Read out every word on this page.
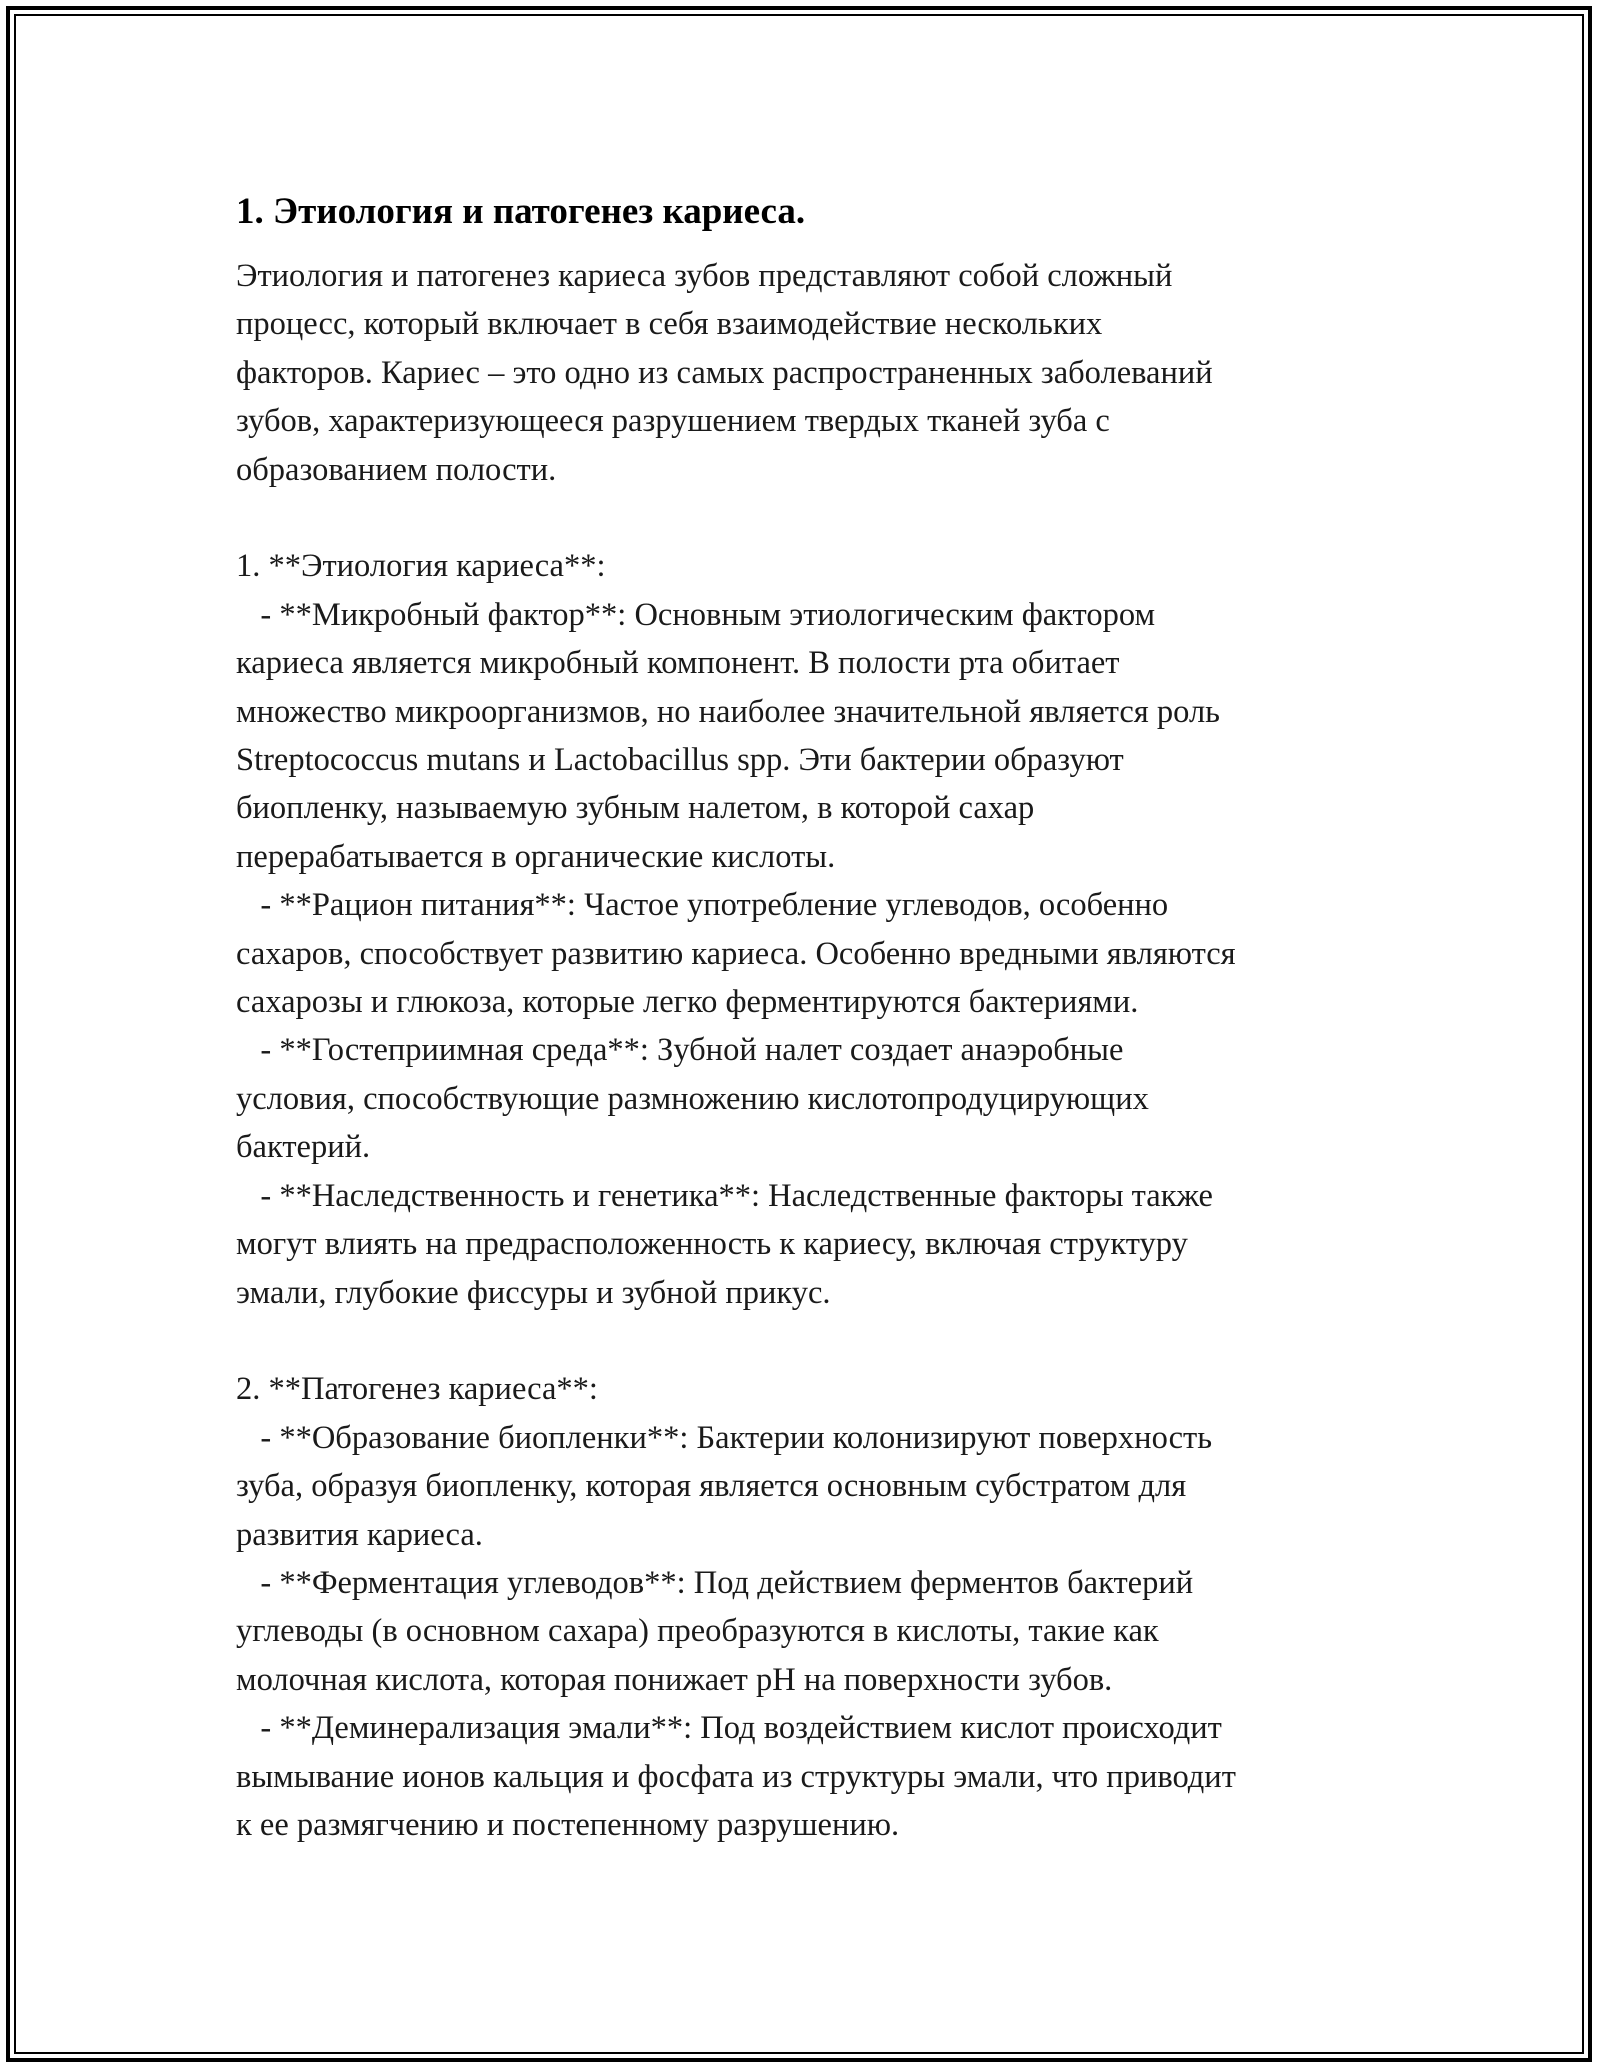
1. Этиология и патогенез кариеса.
Этиология и патогенез кариеса зубов представляют собой сложный
процесс, который включает в себя взаимодействие нескольких
факторов. Кариес – это одно из самых распространенных заболеваний
зубов, характеризующееся разрушением твердых тканей зуба с
образованием полости.
1. **Этиология кариеса**:
- **Микробный фактор**: Основным этиологическим фактором
кариеса является микробный компонент. В полости рта обитает
множество микроорганизмов, но наиболее значительной является роль
Streptococcus mutans и Lactobacillus spp. Эти бактерии образуют
биопленку, называемую зубным налетом, в которой сахар
перерабатывается в органические кислоты.
- **Рацион питания**: Частое употребление углеводов, особенно
сахаров, способствует развитию кариеса. Особенно вредными являются
сахарозы и глюкоза, которые легко ферментируются бактериями.
- **Гостеприимная среда**: Зубной налет создает анаэробные
условия, способствующие размножению кислотопродуцирующих
бактерий.
- **Наследственность и генетика**: Наследственные факторы также
могут влиять на предрасположенность к кариесу, включая структуру
эмали, глубокие фиссуры и зубной прикус.
2. **Патогенез кариеса**:
- **Образование биопленки**: Бактерии колонизируют поверхность
зуба, образуя биопленку, которая является основным субстратом для
развития кариеса.
- **Ферментация углеводов**: Под действием ферментов бактерий
углеводы (в основном сахара) преобразуются в кислоты, такие как
молочная кислота, которая понижает pH на поверхности зубов.
- **Деминерализация эмали**: Под воздействием кислот происходит
вымывание ионов кальция и фосфата из структуры эмали, что приводит
к ее размягчению и постепенному разрушению.
